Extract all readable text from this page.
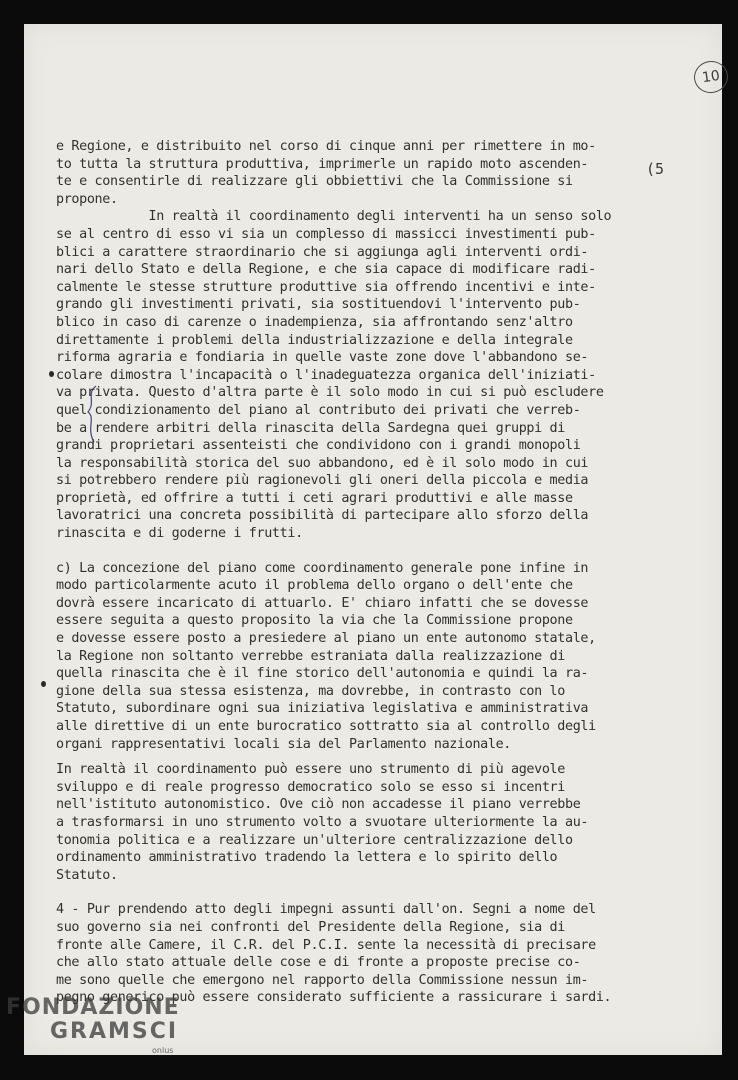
10
(5
e Regione, e distribuito nel corso di cinque anni per rimettere in mo-
to tutta la struttura produttiva, imprimerle un rapido moto ascenden-
te e consentirle di realizzare gli obbiettivi che la Commissione si
propone.
In realtà il coordinamento degli interventi ha un senso solo
se al centro di esso vi sia un complesso di massicci investimenti pub-
blici a carattere straordinario che si aggiunga agli interventi ordi-
nari dello Stato e della Regione, e che sia capace di modificare radi-
calmente le stesse strutture produttive sia offrendo incentivi e inte-
grando gli investimenti privati, sia sostituendovi l'intervento pub-
blico in caso di carenze o inadempienza, sia affrontando senz'altro
direttamente i problemi della industrializzazione e della integrale
riforma agraria e fondiaria in quelle vaste zone dove l'abbandono se-
colare dimostra l'incapacità o l'inadeguatezza organica dell'iniziati-
va privata. Questo d'altra parte è il solo modo in cui si può escludere
quel condizionamento del piano al contributo dei privati che verreb-
be a rendere arbitri della rinascita della Sardegna quei gruppi di
grandi proprietari assenteisti che condividono con i grandi monopoli
la responsabilità storica del suo abbandono, ed è il solo modo in cui
si potrebbero rendere più ragionevoli gli oneri della piccola e media
proprietà, ed offrire a tutti i ceti agrari produttivi e alle masse
lavoratrici una concreta possibilità di partecipare allo sforzo della
rinascita e di goderne i frutti.
c) La concezione del piano come coordinamento generale pone infine in
modo particolarmente acuto il problema dello organo o dell'ente che
dovrà essere incaricato di attuarlo. E' chiaro infatti che se dovesse
essere seguita a questo proposito la via che la Commissione propone
e dovesse essere posto a presiedere al piano un ente autonomo statale,
la Regione non soltanto verrebbe estraniata dalla realizzazione di
quella rinascita che è il fine storico dell'autonomia e quindi la ra-
gione della sua stessa esistenza, ma dovrebbe, in contrasto con lo
Statuto, subordinare ogni sua iniziativa legislativa e amministrativa
alle direttive di un ente burocratico sottratto sia al controllo degli
organi rappresentativi locali sia del Parlamento nazionale.
In realtà il coordinamento può essere uno strumento di più agevole
sviluppo e di reale progresso democratico solo se esso si incentri
nell'istituto autonomistico. Ove ciò non accadesse il piano verrebbe
a trasformarsi in uno strumento volto a svuotare ulteriormente la au-
tonomia politica e a realizzare un'ulteriore centralizzazione dello
ordinamento amministrativo tradendo la lettera e lo spirito dello
Statuto.
4 - Pur prendendo atto degli impegni assunti dall'on. Segni a nome del
suo governo sia nei confronti del Presidente della Regione, sia di
fronte alle Camere, il C.R. del P.C.I. sente la necessità di precisare
che allo stato attuale delle cose e di fronte a proposte precise co-
me sono quelle che emergono nel rapporto della Commissione nessun im-
pegno generico può essere considerato sufficiente a rassicurare i sardi.
FONDAZIONE
GRAMSCI
onlus
